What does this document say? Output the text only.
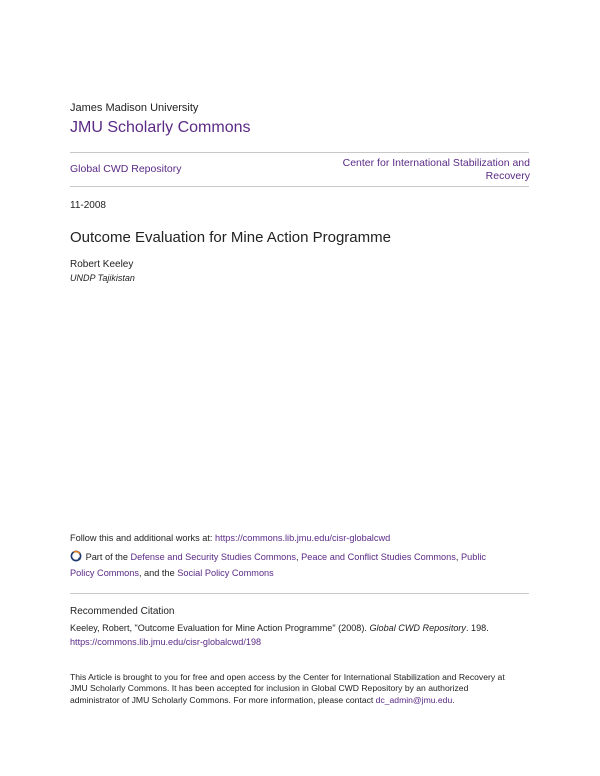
James Madison University
JMU Scholarly Commons
Global CWD Repository	Center for International Stabilization and
Recovery
11-2008
Outcome Evaluation for Mine Action Programme
Robert Keeley
UNDP Tajikistan
Follow this and additional works at: https://commons.lib.jmu.edu/cisr-globalcwd
Part of the Defense and Security Studies Commons, Peace and Conflict Studies Commons, Public
Policy Commons, and the Social Policy Commons
Recommended Citation
Keeley, Robert, "Outcome Evaluation for Mine Action Programme" (2008). Global CWD Repository. 198.
https://commons.lib.jmu.edu/cisr-globalcwd/198
This Article is brought to you for free and open access by the Center for International Stabilization and Recovery at
JMU Scholarly Commons. It has been accepted for inclusion in Global CWD Repository by an authorized
administrator of JMU Scholarly Commons. For more information, please contact dc_admin@jmu.edu.
